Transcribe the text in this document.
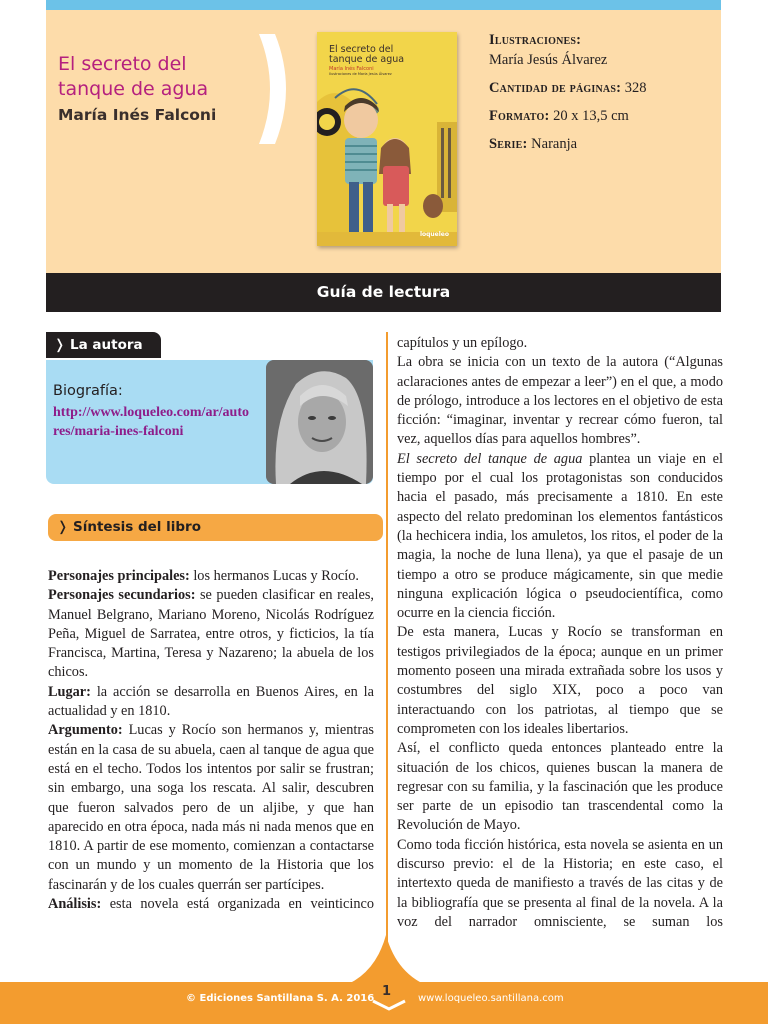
El secreto del tanque de agua
María Inés Falconi
El secreto del tanque de agua
María Inés Falconi
Ilustraciones de María Jesús Álvarez
loqueleo
Ilustraciones:
María Jesús Álvarez
Cantidad de páginas: 328
Formato: 20 x 13,5 cm
Serie: Naranja
Guía de lectura
❭ La autora
Biografía:
http://www.loqueleo.com/ar/autores/maria-ines-falconi
❭ Síntesis del libro

Personajes principales: los hermanos Lucas y Rocío.

Personajes secundarios: se pueden clasificar en reales, Manuel Belgrano, Mariano Moreno, Nicolás Rodríguez Peña, Miguel de Sarratea, entre otros, y ficticios, la tía Francisca, Martina, Teresa y Nazareno; la abuela de los chicos.

Lugar: la acción se desarrolla en Buenos Aires, en la actualidad y en 1810.

Argumento: Lucas y Rocío son hermanos y, mientras están en la casa de su abuela, caen al tanque de agua que está en el techo. Todos los intentos por salir se frustran; sin embargo, una soga los rescata. Al salir, descubren que fueron salvados pero de un aljibe, y que han aparecido en otra época, nada más ni nada menos que en 1810. A partir de ese momento, comienzan a contactarse con un mundo y un momento de la Historia que los fascinarán y de los cuales querrán ser partícipes.

Análisis: esta novela está organizada en veinticinco

capítulos y un epílogo.

La obra se inicia con un texto de la autora (“Algunas aclaraciones antes de empezar a leer”) en el que, a modo de prólogo, introduce a los lectores en el objetivo de esta ficción: “imaginar, inventar y recrear cómo fueron, tal vez, aquellos días para aquellos hombres”.

El secreto del tanque de agua plantea un viaje en el tiempo por el cual los protagonistas son conducidos hacia el pasado, más precisamente a 1810. En este aspecto del relato predominan los elementos fantásticos (la hechicera india, los amuletos, los ritos, el poder de la magia, la noche de luna llena), ya que el pasaje de un tiempo a otro se produce mágicamente, sin que medie ninguna explicación lógica o pseudocientífica, como ocurre en la ciencia ficción.

De esta manera, Lucas y Rocío se transforman en testigos privilegiados de la época; aunque en un primer momento poseen una mirada extrañada sobre los usos y costumbres del siglo XIX, poco a poco van interactuando con los patriotas, al tiempo que se comprometen con los ideales libertarios.

Así, el conflicto queda entonces planteado entre la situación de los chicos, quienes buscan la manera de regresar con su familia, y la fascinación que les produce ser parte de un episodio tan trascendental como la Revolución de Mayo.

Como toda ficción histórica, esta novela se asienta en un discurso previo: el de la Historia; en este caso, el intertexto queda de manifiesto a través de las citas y de la bibliografía que se presenta al final de la novela. A la voz del narrador omnisciente, se suman los

© Ediciones Santillana S. A. 2016 1	www.loqueleo.santillana.com
